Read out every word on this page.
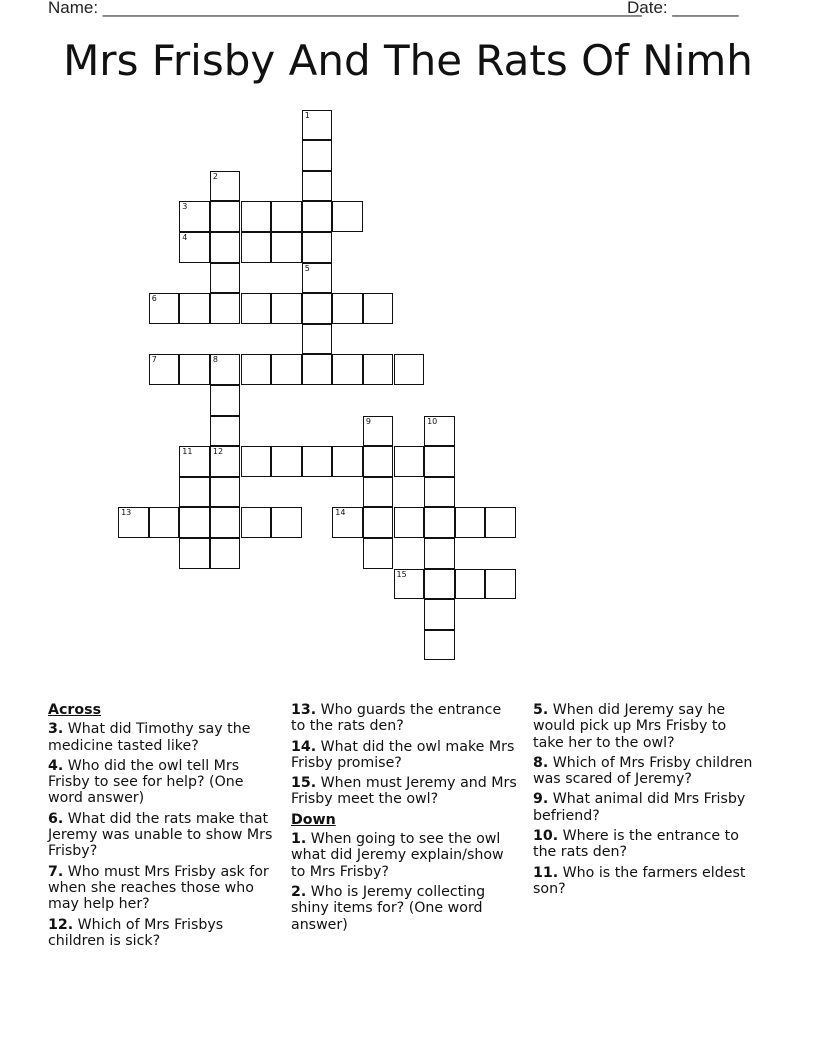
Name: _________________________________________________________
Date: _______
Mrs Frisby And The Rats Of Nimh
1
2
3
4
5
6
7	8
9	10
11	12
13	14
15
Across
3. What did Timothy say the medicine tasted like?
4. Who did the owl tell Mrs Frisby to see for help? (One word answer)
6. What did the rats make that Jeremy was unable to show Mrs Frisby?
7. Who must Mrs Frisby ask for when she reaches those who may help her?
12. Which of Mrs Frisbys children is sick?
13. Who guards the entrance to the rats den?
14. What did the owl make Mrs Frisby promise?
15. When must Jeremy and Mrs Frisby meet the owl?
Down
1. When going to see the owl what did Jeremy explain/show to Mrs Frisby?
2. Who is Jeremy collecting shiny items for? (One word answer)
5. When did Jeremy say he would pick up Mrs Frisby to take her to the owl?
8. Which of Mrs Frisby children was scared of Jeremy?
9. What animal did Mrs Frisby befriend?
10. Where is the entrance to the rats den?
11. Who is the farmers eldest son?
